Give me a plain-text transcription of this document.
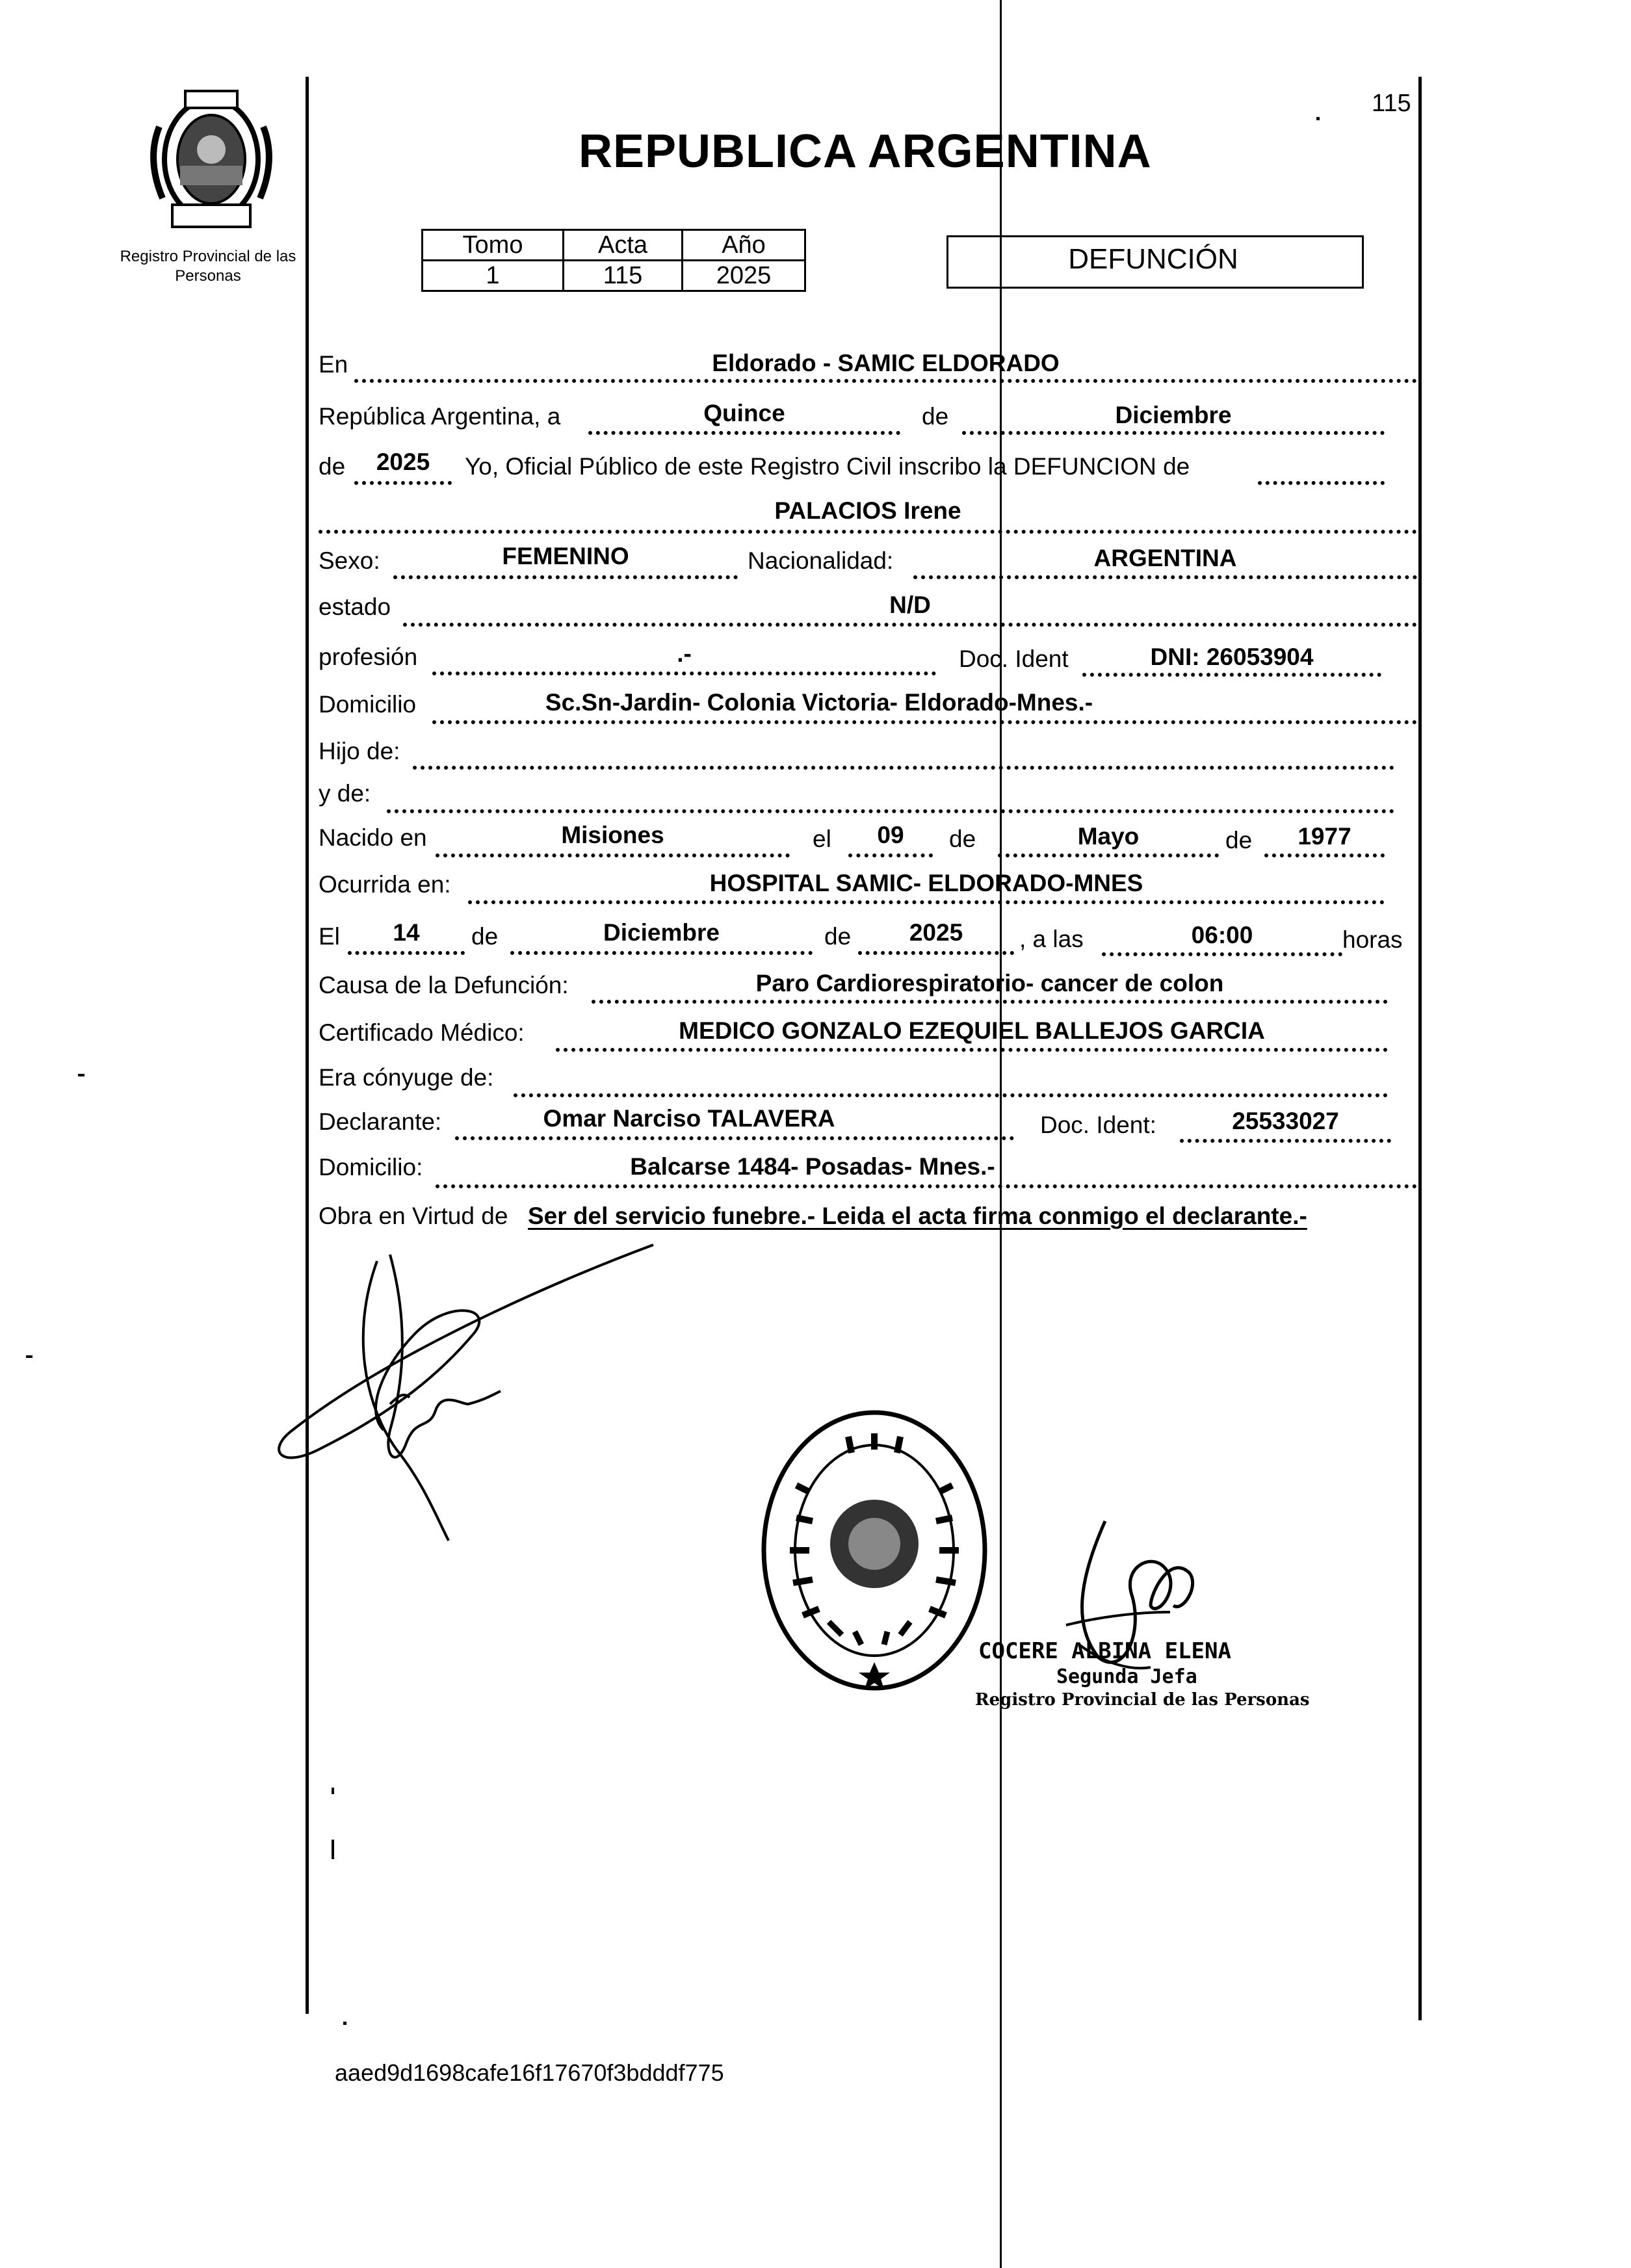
Registro Provincial de las Personas
115
REPUBLICA ARGENTINA
Tomo	Acta	Año
1	115	2025
DEFUNCIÓN
En	Eldorado - SAMIC ELDORADO
República Argentina, a	Quince	de	Diciembre
de	2025	Yo, Oficial Público de este Registro Civil inscribo la DEFUNCION de
PALACIOS Irene
Sexo:	FEMENINO	Nacionalidad:	ARGENTINA
estado	N/D
profesión	.-	Doc. Ident	DNI: 26053904
Domicilio	Sc.Sn-Jardin- Colonia Victoria- Eldorado-Mnes.-
Hijo de:
y de:
Nacido en	Misiones	el	09	de	Mayo	de	1977
Ocurrida en:	HOSPITAL SAMIC- ELDORADO-MNES
El	14	de	Diciembre	de	2025	, a las	06:00	horas
Causa de la Defunción:	Paro Cardiorespiratorio- cancer de colon
Certificado Médico:	MEDICO GONZALO EZEQUIEL BALLEJOS GARCIA
Era cónyuge de:
Declarante:	Omar Narciso TALAVERA	Doc. Ident:	25533027
Domicilio:	Balcarse 1484- Posadas- Mnes.-
Obra en Virtud de Ser del servicio funebre.- Leida el acta firma conmigo el declarante.-
COCERE ALBINA ELENA
Segunda Jefa
Registro Provincial de las Personas
aaed9d1698cafe16f17670f3bdddf775
